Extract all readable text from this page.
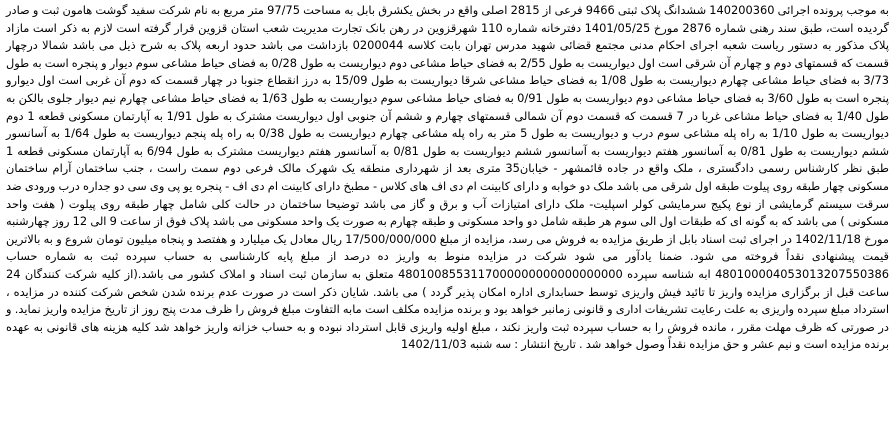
به موجب پرونده اجرائی 140200360 ششدانگ پلاک ثبتی 9466 فرعی از 2815 اصلی واقع در بخش یکشرق بابل به مساحت 97/75 متر مربع به نام شرکت سفید گوشت هامون ثبت و صادر گردیده است، طبق سند رهنی شماره 2876 مورخ 1401/05/25 دفترخانه شماره 110 شهرقزوین در رهن بانک تجارت مدیریت شعب استان قزوین قرار گرفته است لازم به ذکر است مازاد پلاک مذکور به دستور ریاست شعبه اجرای احکام مدنی مجتمع قضائی شهید مدرس تهران بابت کلاسه 0200044 بازداشت می باشد حدود اربعه پلاک به شرح ذیل می باشد شمالا درچهار قسمت که قسمتهای دوم و چهارم آن شرقی است اول دیواریست به طول 2/55 به فضای حیاط مشاعی دوم دیواریست به طول 0/28 به فضای حیاط مشاعی سوم دیوار و پنجره است به طول 3/73 به فضای حیاط مشاعی چهارم دیواریست به طول 1/08 به فضای حیاط مشاعی شرقا دیواریست به طول 15/09 به درز انقطاع جنوبا در چهار قسمت که دوم آن غربی است اول دیوارو پنجره است به طول 3/60 به فضای حیاط مشاعی دوم دیواریست به طول 0/91 به فضای حیاط مشاعی سوم دیواریست به طول 1/63 به فضای حیاط مشاعی چهارم نیم دیوار جلوی بالکن به طول 1/40 به فضای حیاط مشاعی غربا در 7 قسمت که قسمت دوم آن شمالی قسمتهای چهارم و ششم آن جنوبی اول دیواریست مشترک به طول 1/91 به آپارتمان مسکونی قطعه 1 دوم دیواریست به طول 1/10 به راه پله مشاعی سوم درب و دیواریست به طول 5 متر به راه پله مشاعی چهارم دیواریست به طول 0/38 به راه پله پنجم دیواریست به طول 1/64 به آسانسور ششم دیواریست به طول 0/81 به آسانسور هفتم دیواریست به آسانسور ششم دیواریست به طول 0/81 به آسانسور هفتم دیواریست مشترک به طول 6/94 به آپارتمان مسکونی قطعه 1 طبق نظر کارشناس رسمی دادگستری ، ملک واقع در جاده قائمشهر - خیابان35 متری بعد از شهرداری منطقه یک شهرک مالک فرعی دوم سمت راست ، جنب ساختمان آرام ساختمان مسکونی چهار طبقه روی پیلوت طبقه اول شرقی می باشد ملک دو خوابه و دارای کابینت ام دی اف های کلاس - مطبخ دارای کابینت ام دی اف - پنجره یو پی وی سی دو جداره درب ورودی ضد سرقت سیستم گرمایشی از نوع پکیج سرمایشی کولر اسپلیت- ملک دارای امتیازات آب و برق و گاز می باشد توضیحا ساختمان در حالت کلی شامل چهار طبقه روی پیلوت ( هفت واحد مسکونی ) می باشد که به گونه ای که طبقات اول الی سوم هر طبقه شامل دو واحد مسکونی و طبقه چهارم به صورت یک واحد مسکونی می باشد پلاک فوق از ساعت 9 الی 12 روز چهارشنبه مورخ 1402/11/18 در اجرای ثبت اسناد بابل از طریق مزایده به فروش می رسد، مزایده از مبلغ 17/500/000/000 ریال معادل یک میلیارد و هفتصد و پنجاه میلیون تومان شروع و به بالاترین قیمت پیشنهادی نقداً فروخته می شود. ضمنا یادآور می شود شرکت در مزایده منوط به واریز ده درصد از مبلغ پایه کارشناسی به حساب سپرده ثبت به شماره حساب 480100004053013207550386 ابه شناسه سپرده 4801008553117000000000000000000 متعلق به سازمان ثبت اسناد و املاک کشور می باشد.(از کلیه شرکت کنندگان 24 ساعت قبل از برگزاری مزایده واریز تا تائید فیش واریزی توسط حسابداری اداره امکان پذیر گردد ) می باشد. شایان ذکر است در صورت عدم برنده شدن شخص شرکت کننده در مزایده ، استرداد مبلغ سپرده واریزی به علت رعایت تشریفات اداری و قانونی زمانبر خواهد بود و برنده مزایده مکلف است مابه التفاوت مبلغ فروش را ظرف مدت پنج روز از تاریخ مزایده واریز نماید. و در صورتی که ظرف مهلت مقرر ، مانده فروش را به حساب سپرده ثبت واریز نکند ، مبلغ اولیه واریزی قابل استرداد نبوده و به حساب خزانه واریز خواهد شد کلیه هزینه های قانونی به عهده برنده مزایده است و نیم عشر و حق مزایده نقداً وصول خواهد شد . تاریخ انتشار : سه شنبه 1402/11/03
